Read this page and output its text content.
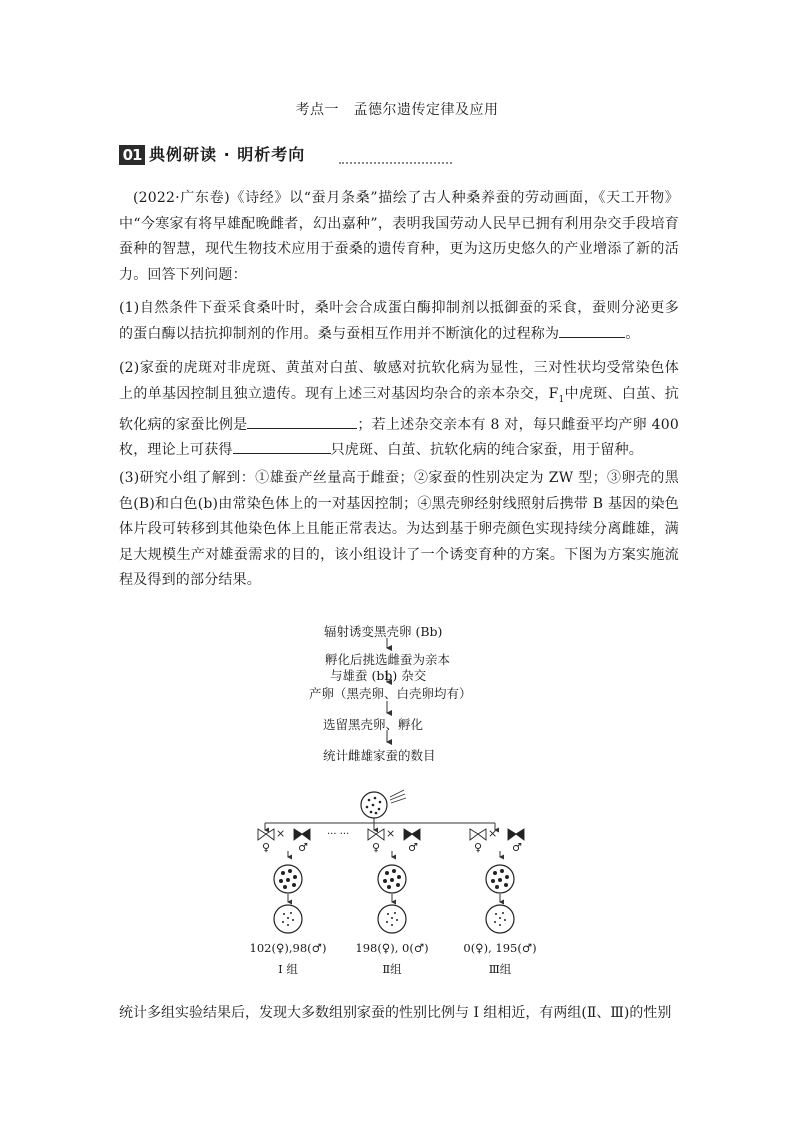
考点一　孟德尔遗传定律及应用
01 典例研读 · 明析考向
(2022·广东卷)《诗经》以“蚕月条桑”描绘了古人种桑养蚕的劳动画面，《天工开物》中“今寒家有将早雄配晚雌者，幻出嘉种”，表明我国劳动人民早已拥有利用杂交手段培育蚕种的智慧，现代生物技术应用于蚕桑的遗传育种，更为这历史悠久的产业增添了新的活力。回答下列问题：
(1)自然条件下蚕采食桑叶时，桑叶会合成蛋白酶抑制剂以抵御蚕的采食，蚕则分泌更多的蛋白酶以拮抗抑制剂的作用。桑与蚕相互作用并不断演化的过程称为	。
(2)家蚕的虎斑对非虎斑、黄茧对白茧、敏感对抗软化病为显性，三对性状均受常染色体上的单基因控制且独立遗传。现有上述三对基因均杂合的亲本杂交，$F_1$中虎斑、白茧、抗软化病的家蚕比例是	；若上述杂交亲本有 8 对，每只雌蚕平均产卵 400 枚，理论上可获得	只虎斑、白茧、抗软化病的纯合家蚕，用于留种。
(3)研究小组了解到：①雄蚕产丝量高于雌蚕；②家蚕的性别决定为 ZW 型；③卵壳的黑色(B)和白色(b)由常染色体上的一对基因控制；④黑壳卵经射线照射后携带 B 基因的染色体片段可转移到其他染色体上且能正常表达。为达到基于卵壳颜色实现持续分离雌雄，满足大规模生产对雄蚕需求的目的，该小组设计了一个诱变育种的方案。下图为方案实施流程及得到的部分结果。
辐射诱变黑壳卵 (Bb)
孵化后挑选雌蚕为亲本
与雄蚕 (bb) 杂交
产卵（黑壳卵、白壳卵均有）
选留黑壳卵、孵化
统计雌雄家蚕的数目
×	×	×
··· ···
♀	♂	♀	♂	♀	♂
102(♀),98(♂)
I 组
198(♀), 0(♂)
Ⅱ组
0(♀), 195(♂)
Ⅲ组
统计多组实验结果后，发现大多数组别家蚕的性别比例与 I 组相近，有两组(Ⅱ、Ⅲ)的性别
